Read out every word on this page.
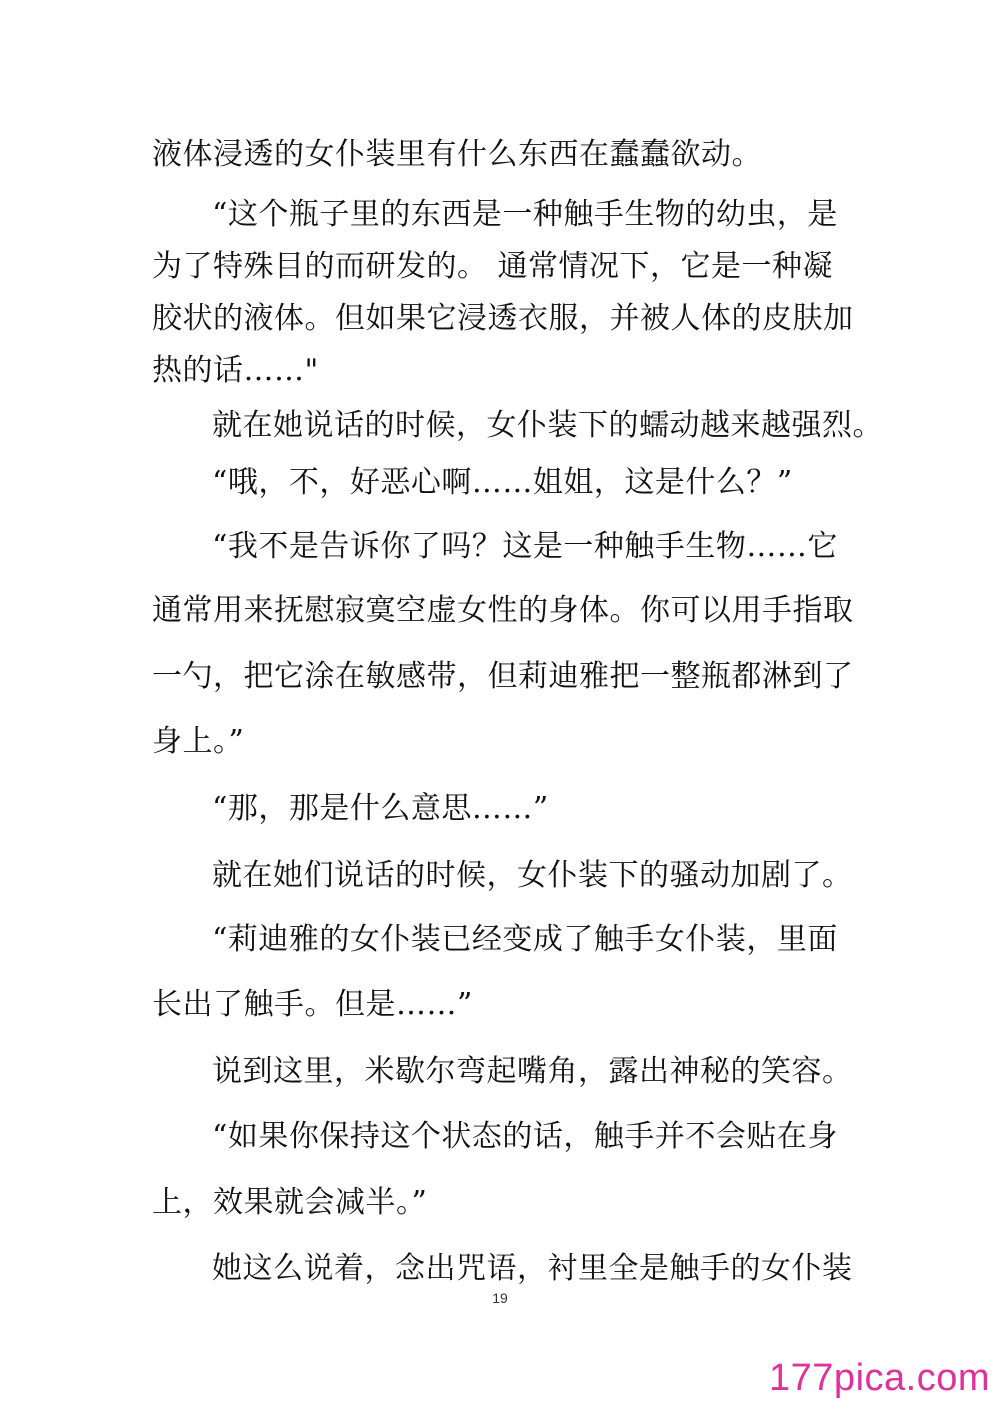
液体浸透的女仆装里有什么东西在蠢蠢欲动。
“这个瓶子里的东西是一种触手生物的幼虫，是
为了特殊目的而研发的。 通常情况下，它是一种凝
胶状的液体。但如果它浸透衣服，并被人体的皮肤加
热的话……"
就在她说话的时候，女仆装下的蠕动越来越强烈。
“哦，不，好恶心啊……姐姐，这是什么？”
“我不是告诉你了吗？这是一种触手生物……它
通常用来抚慰寂寞空虚女性的身体。你可以用手指取
一勺，把它涂在敏感带，但莉迪雅把一整瓶都淋到了
身上。”
“那，那是什么意思……”
就在她们说话的时候，女仆装下的骚动加剧了。
“莉迪雅的女仆装已经变成了触手女仆装，里面
长出了触手。但是……”
说到这里，米歇尔弯起嘴角，露出神秘的笑容。
“如果你保持这个状态的话，触手并不会贴在身
上，效果就会减半。”
她这么说着，念出咒语，衬里全是触手的女仆装
19
177pica.com
